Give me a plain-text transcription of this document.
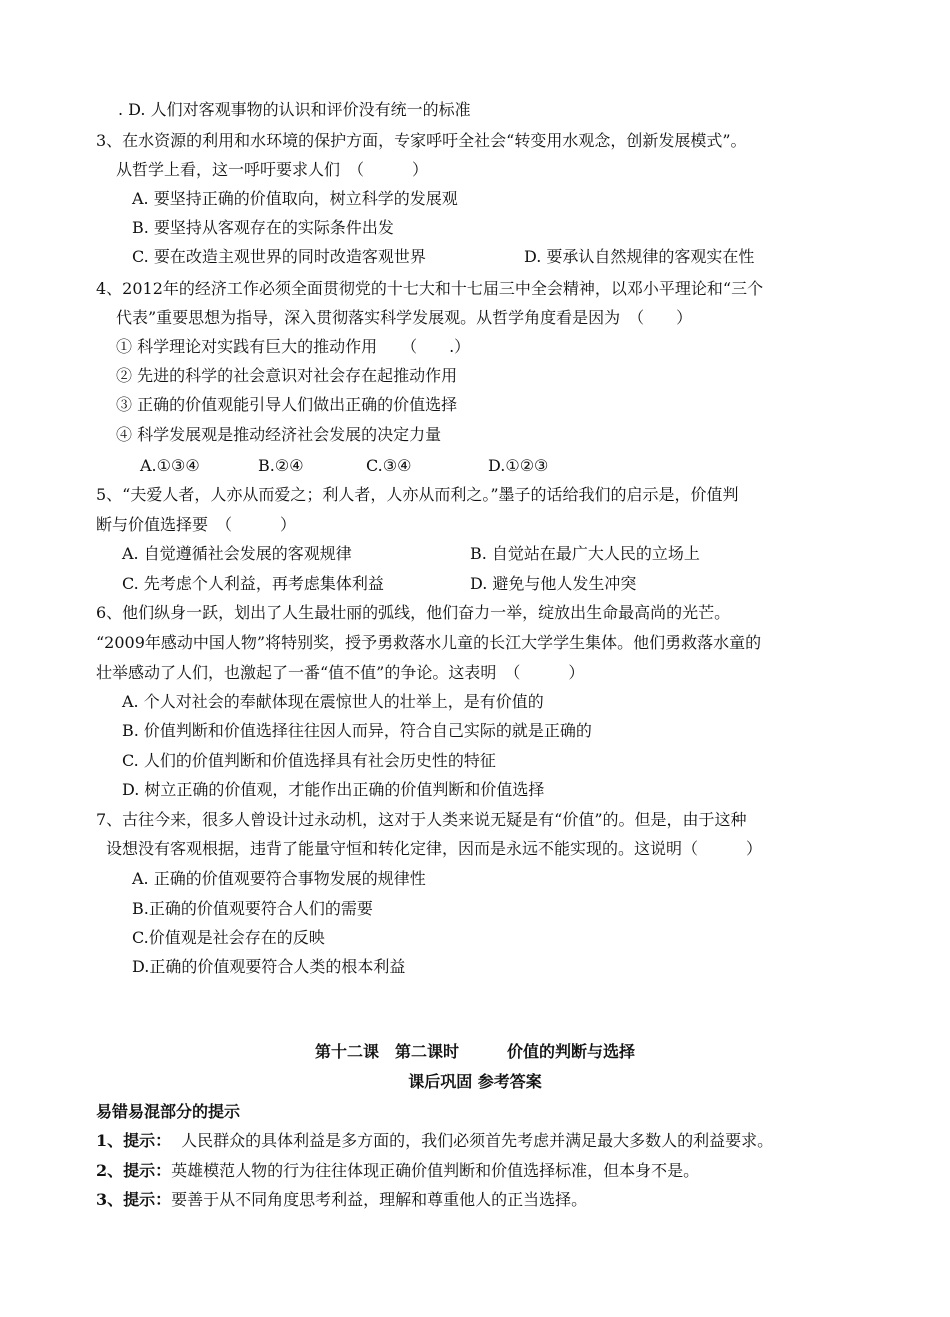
. D. 人们对客观事物的认识和评价没有统一的标准
3、在水资源的利用和水环境的保护方面，专家呼吁全社会“转变用水观念，创新发展模式”。
从哲学上看，这一呼吁要求人们　（　　　）
A. 要坚持正确的价值取向，树立科学的发展观
B. 要坚持从客观存在的实际条件出发
C. 要在改造主观世界的同时改造客观世界	D. 要承认自然规律的客观实在性
4、2012年的经济工作必须全面贯彻党的十七大和十七届三中全会精神，以邓小平理论和“三个
代表”重要思想为指导，深入贯彻落实科学发展观。从哲学角度看是因为　（　　）
① 科学理论对实践有巨大的推动作用　　（　　.）
② 先进的科学的社会意识对社会存在起推动作用
③ 正确的价值观能引导人们做出正确的价值选择
④ 科学发展观是推动经济社会发展的决定力量
A.①③④	B.②④	C.③④	D.①②③
5、“夫爱人者，人亦从而爱之；利人者，人亦从而利之。”墨子的话给我们的启示是，价值判
断与价值选择要　（　　　）
A. 自觉遵循社会发展的客观规律	B. 自觉站在最广大人民的立场上
C. 先考虑个人利益，再考虑集体利益	D. 避免与他人发生冲突
6、他们纵身一跃，划出了人生最壮丽的弧线，他们奋力一举，绽放出生命最高尚的光芒。
“2009年感动中国人物”将特别奖，授予勇救落水儿童的长江大学学生集体。他们勇救落水童的
壮举感动了人们，也激起了一番“值不值”的争论。这表明　（　　　）
A. 个人对社会的奉献体现在震惊世人的壮举上，是有价值的
B. 价值判断和价值选择往往因人而异，符合自己实际的就是正确的
C. 人们的价值判断和价值选择具有社会历史性的特征
D. 树立正确的价值观，才能作出正确的价值判断和价值选择
7、古往今来，很多人曾设计过永动机，这对于人类来说无疑是有“价值”的。但是，由于这种
设想没有客观根据，违背了能量守恒和转化定律，因而是永远不能实现的。这说明（　　　）
A. 正确的价值观要符合事物发展的规律性
B.正确的价值观要符合人们的需要
C.价值观是社会存在的反映
D.正确的价值观要符合人类的根本利益
第十二课　第二课时　　　价值的判断与选择
课后巩固 参考答案
易错易混部分的提示
1、提示： 人民群众的具体利益是多方面的，我们必须首先考虑并满足最大多数人的利益要求。
2、提示：英雄模范人物的行为往往体现正确价值判断和价值选择标准，但本身不是。
3、提示：要善于从不同角度思考利益，理解和尊重他人的正当选择。
